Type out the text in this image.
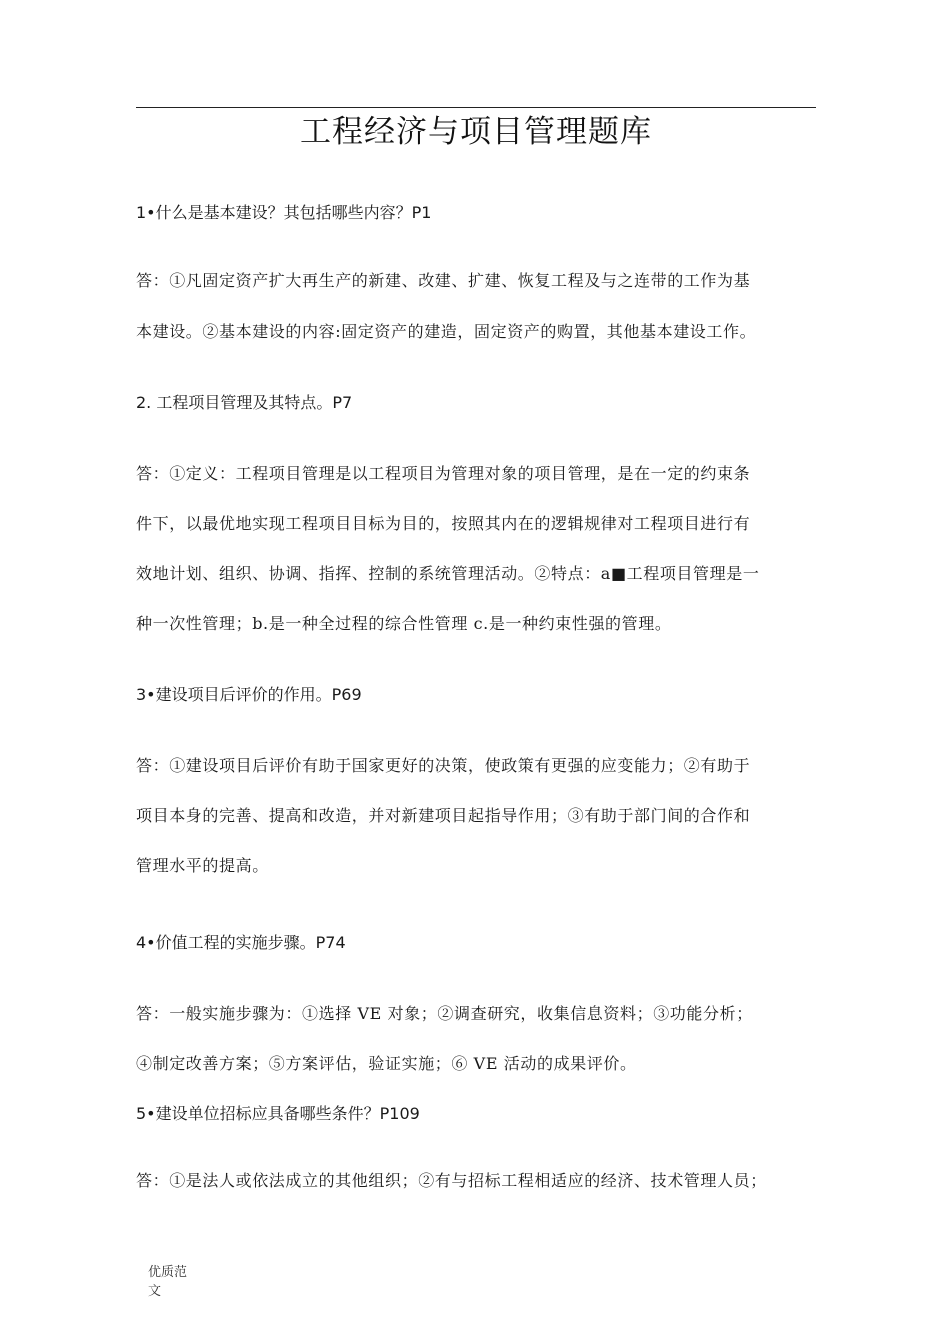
工程经济与项目管理题库
1•什么是基本建设？其包括哪些内容？P1
答：①凡固定资产扩大再生产的新建、改建、扩建、恢复工程及与之连带的工作为基
本建设。②基本建设的内容:固定资产的建造，固定资产的购置，其他基本建设工作。
2. 工程项目管理及其特点。P7
答：①定义：工程项目管理是以工程项目为管理对象的项目管理，是在一定的约束条
件下，以最优地实现工程项目目标为目的，按照其内在的逻辑规律对工程项目进行有
效地计划、组织、协调、指挥、控制的系统管理活动。②特点：a■工程项目管理是一
种一次性管理；b.是一种全过程的综合性管理 c.是一种约束性强的管理。
3•建设项目后评价的作用。P69
答：①建设项目后评价有助于国家更好的决策，使政策有更强的应变能力；②有助于
项目本身的完善、提高和改造，并对新建项目起指导作用；③有助于部门间的合作和
管理水平的提高。
4•价值工程的实施步骤。P74
答：一般实施步骤为：①选择 VE 对象；②调查研究，收集信息资料；③功能分析；
④制定改善方案；⑤方案评估，验证实施；⑥ VE 活动的成果评价。
5•建设单位招标应具备哪些条件？P109
答：①是法人或依法成立的其他组织；②有与招标工程相适应的经济、技术管理人员；
优质范
文
